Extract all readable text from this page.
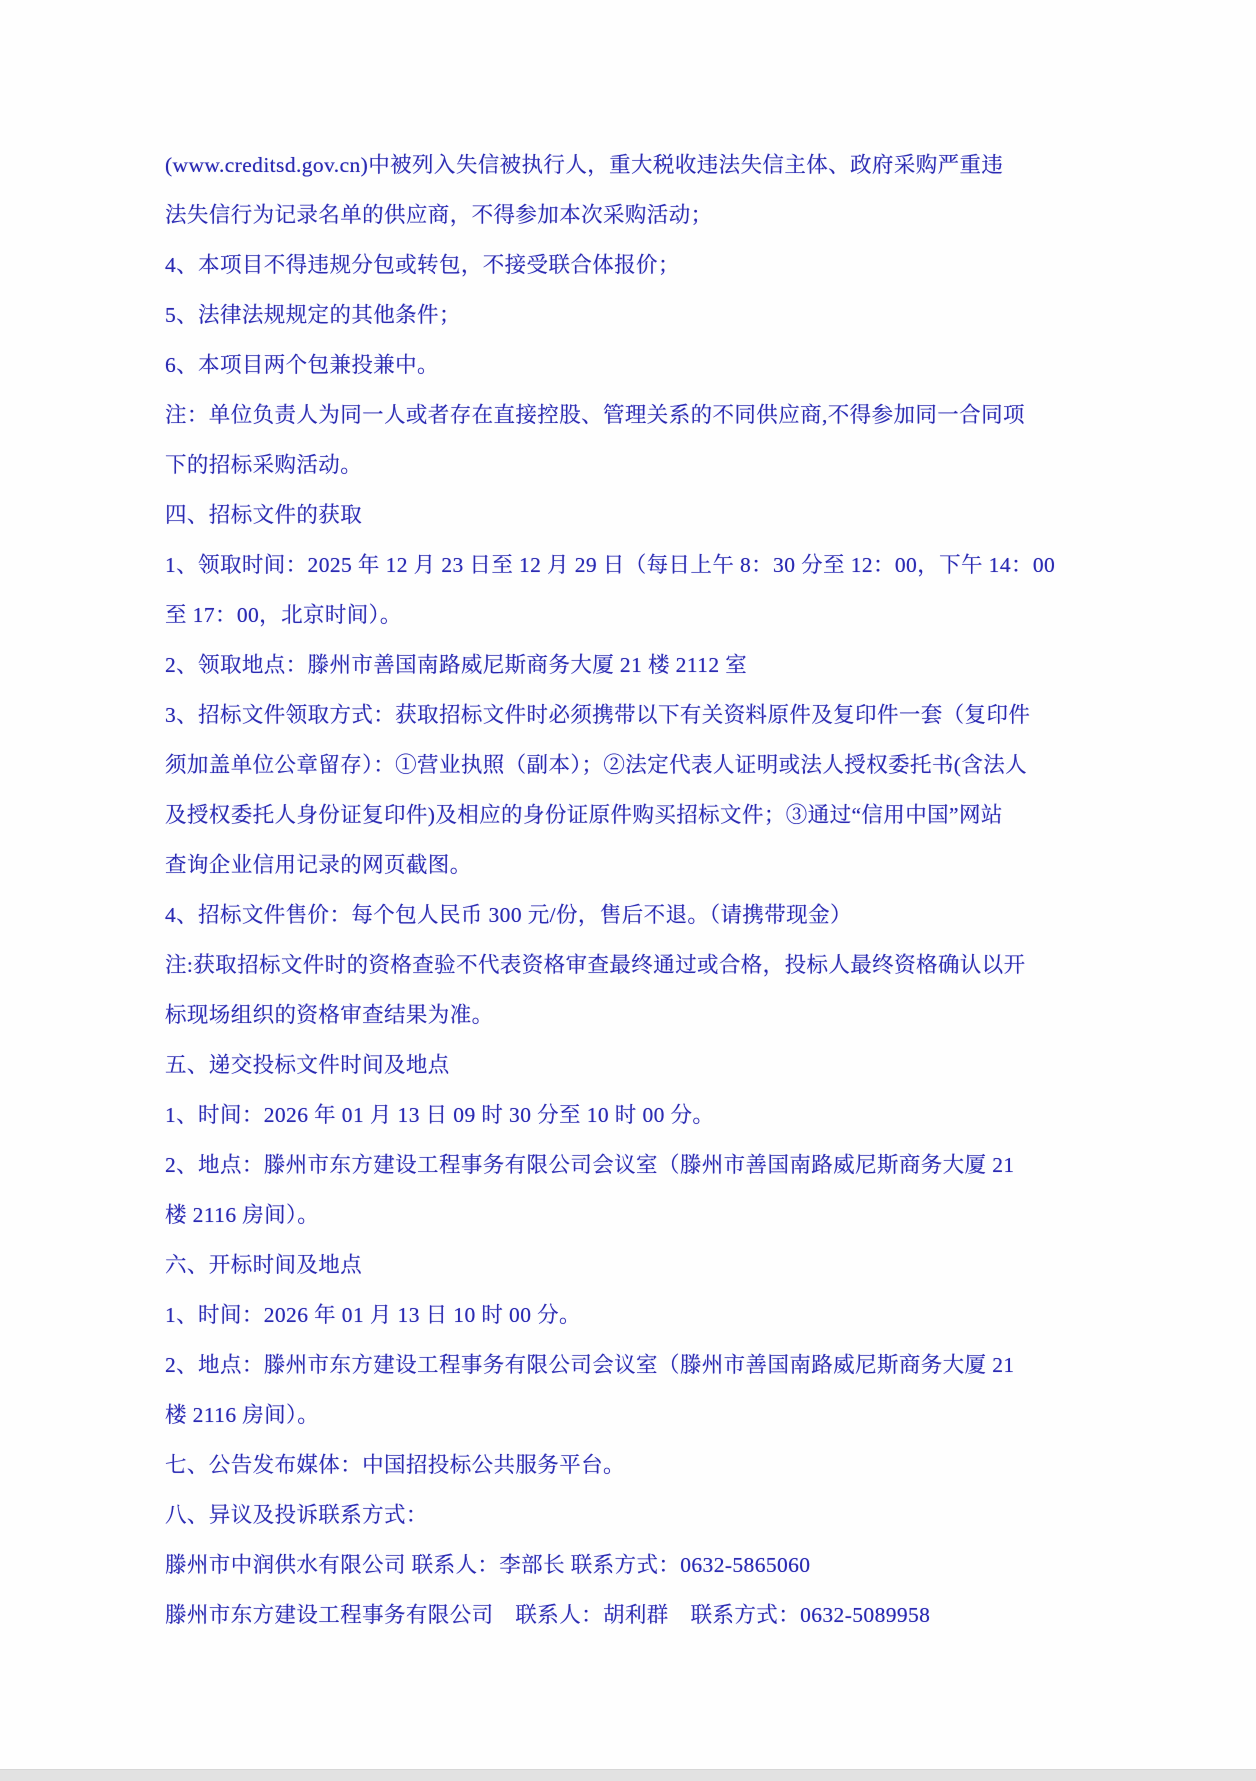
(www.creditsd.gov.cn)中被列入失信被执行人，重大税收违法失信主体、政府采购严重违

法失信行为记录名单的供应商，不得参加本次采购活动；

4、本项目不得违规分包或转包，不接受联合体报价；

5、法律法规规定的其他条件；

6、本项目两个包兼投兼中。

注：单位负责人为同一人或者存在直接控股、管理关系的不同供应商,不得参加同一合同项

下的招标采购活动。

四、招标文件的获取

1、领取时间：2025 年 12 月 23 日至 12 月 29 日（每日上午 8：30 分至 12：00，下午 14：00

至 17：00，北京时间）。

2、领取地点：滕州市善国南路威尼斯商务大厦 21 楼 2112 室

3、招标文件领取方式：获取招标文件时必须携带以下有关资料原件及复印件一套（复印件

须加盖单位公章留存）：①营业执照（副本）；②法定代表人证明或法人授权委托书(含法人

及授权委托人身份证复印件)及相应的身份证原件购买招标文件；③通过“信用中国”网站

查询企业信用记录的网页截图。

4、招标文件售价：每个包人民币 300 元/份，售后不退。（请携带现金）

注:获取招标文件时的资格查验不代表资格审查最终通过或合格，投标人最终资格确认以开

标现场组织的资格审查结果为准。

五、递交投标文件时间及地点

1、时间：2026 年 01 月 13 日 09 时 30 分至 10 时 00 分。

2、地点：滕州市东方建设工程事务有限公司会议室（滕州市善国南路威尼斯商务大厦 21

楼 2116 房间）。

六、开标时间及地点

1、时间：2026 年 01 月 13 日 10 时 00 分。

2、地点：滕州市东方建设工程事务有限公司会议室（滕州市善国南路威尼斯商务大厦 21

楼 2116 房间）。

七、公告发布媒体：中国招投标公共服务平台。

八、异议及投诉联系方式：

滕州市中润供水有限公司 联系人：李部长 联系方式：0632-5865060

滕州市东方建设工程事务有限公司　联系人：胡利群　联系方式：0632-5089958
